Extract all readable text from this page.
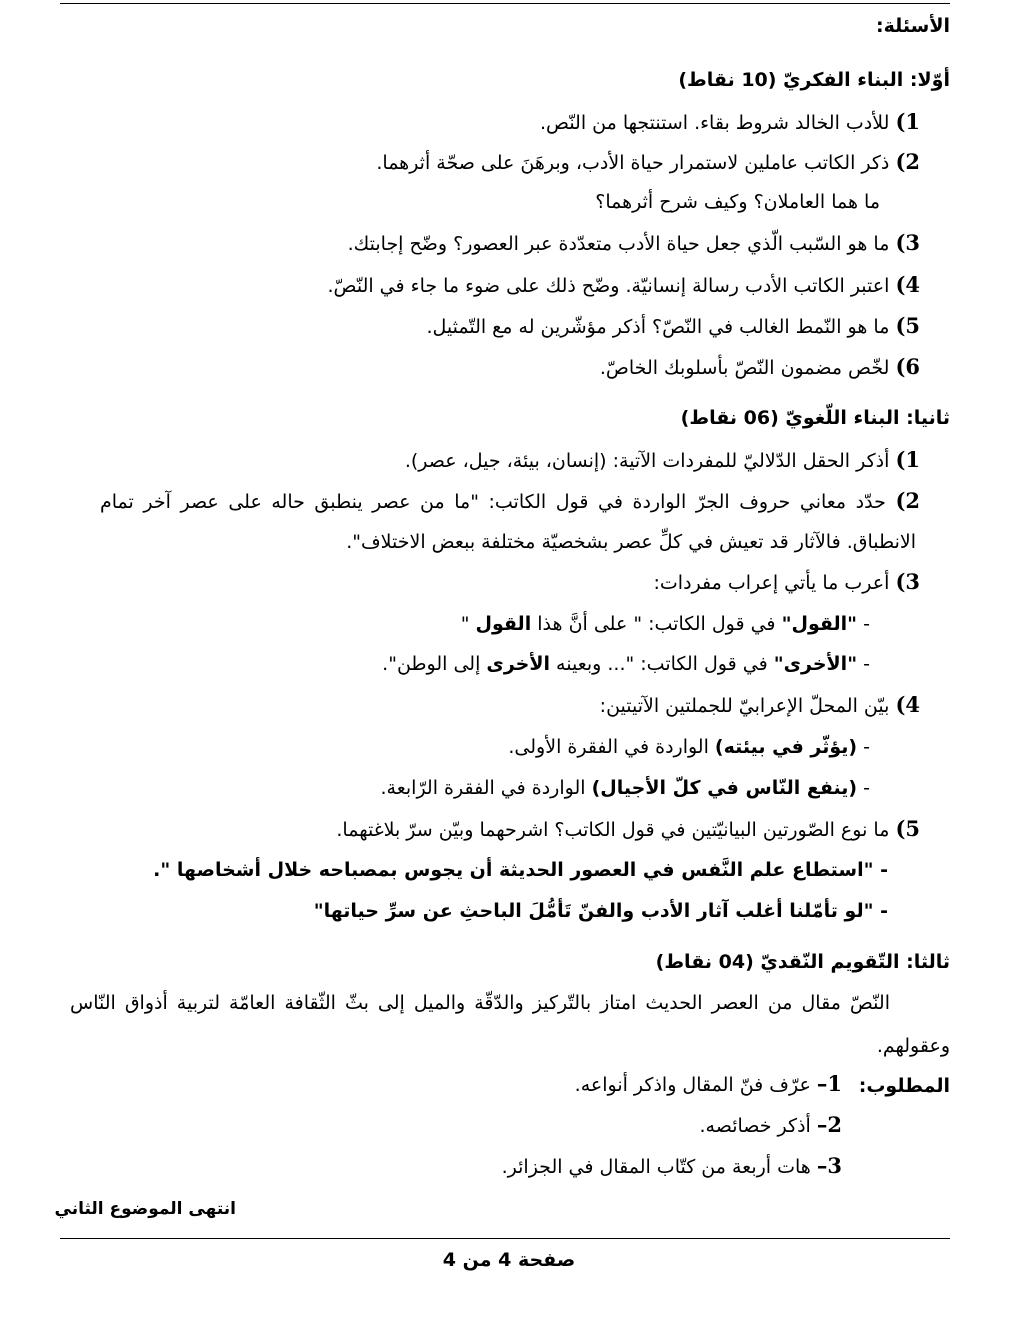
الأسئلة:
أوّلا: البناء الفكريّ (10 نقاط)
1) للأدب الخالد شروط بقاء. استنتجها من النّص.
2) ذكر الكاتب عاملين لاستمرار حياة الأدب، وبرهَنَ على صحّة أثرهما.
ما هما العاملان؟ وكيف شرح أثرهما؟
3) ما هو السّبب الّذي جعل حياة الأدب متعدّدة عبر العصور؟ وضّح إجابتك.
4) اعتبر الكاتب الأدب رسالة إنسانيّة. وضّح ذلك على ضوء ما جاء في النّصّ.
5) ما هو النّمط الغالب في النّصّ؟ أذكر مؤشّرين له مع التّمثيل.
6) لخّص مضمون النّصّ بأسلوبك الخاصّ.
ثانيا: البناء اللّغويّ (06 نقاط)
1) أذكر الحقل الدّلاليّ للمفردات الآتية: (إنسان، بيئة، جيل، عصر).
2) حدّد معاني حروف الجرّ الواردة في قول الكاتب: "ما من عصر ينطبق حاله على عصر آخر تمام
الانطباق. فالآثار قد تعيش في كلِّ عصر بشخصيّة مختلفة ببعض الاختلاف".
3) أعرب ما يأتي إعراب مفردات:
- "القول" في قول الكاتب: " على أنَّ هذا القول "
- "الأخرى" في قول الكاتب: "... وبعينه الأخرى إلى الوطن".
4) بيّن المحلّ الإعرابيّ للجملتين الآتيتين:
- (يؤثّر في بيئته) الواردة في الفقرة الأولى.
- (ينفع النّاس في كلّ الأجيال) الواردة في الفقرة الرّابعة.
5) ما نوع الصّورتين البيانيّتين في قول الكاتب؟ اشرحهما وبيّن سرّ بلاغتهما.
- "استطاع علم النَّفس في العصور الحديثة أن يجوس بمصباحه خلال أشخاصها ".
- "لو تأمّلنا أغلب آثار الأدب والفنّ تَأمُّلَ الباحثِ عن سرِّ حياتها"
ثالثا: التّقويم النّقديّ (04 نقاط)
النّصّ مقال من العصر الحديث امتاز بالتّركيز والدّقّة والميل إلى بثّ الثّقافة العامّة لتربية أذواق النّاس
وعقولهم.
المطلوب:
1– عرّف فنّ المقال واذكر أنواعه.
2– أذكر خصائصه.
3– هات أربعة من كتّاب المقال في الجزائر.
انتهى الموضوع الثاني
صفحة 4 من 4
